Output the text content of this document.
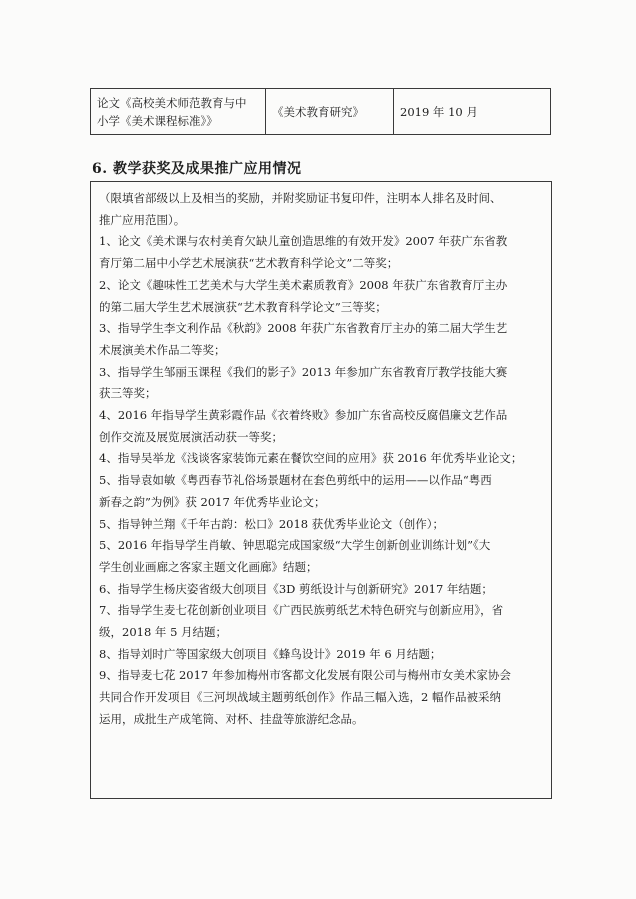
论文《高校美术师范教育与中
小学《美术课程标准》》
《美术教育研究》	2019 年 10 月
6. 教学获奖及成果推广应用情况

（限填省部级以上及相当的奖励，并附奖励证书复印件，注明本人排名及时间、

推广应用范围）。

1、论文《美术课与农村美育欠缺儿童创造思维的有效开发》2007 年获广东省教

育厅第二届中小学艺术展演获“艺术教育科学论文”二等奖；

2、论文《趣味性工艺美术与大学生美术素质教育》2008 年获广东省教育厅主办

的第二届大学生艺术展演获“艺术教育科学论文”三等奖；

3、指导学生李文利作品《秋韵》2008 年获广东省教育厅主办的第二届大学生艺

术展演美术作品二等奖；

3、指导学生邹丽玉课程《我们的影子》2013 年参加广东省教育厅教学技能大赛

获三等奖；

4、2016 年指导学生黄彩霞作品《衣着终败》参加广东省高校反腐倡廉文艺作品

创作交流及展览展演活动获一等奖；

4、指导吴举龙《浅谈客家装饰元素在餐饮空间的应用》获 2016 年优秀毕业论文；

5、指导袁如敏《粤西春节礼俗场景题材在套色剪纸中的运用——以作品“粤西

新春之韵”为例》获 2017 年优秀毕业论文；

5、指导钟兰翔《千年古韵：松口》2018 获优秀毕业论文（创作）；

5、2016 年指导学生肖敏、钟思聪完成国家级“大学生创新创业训练计划”《大

学生创业画廊之客家主题文化画廊》结题；

6、指导学生杨庆姿省级大创项目《3D 剪纸设计与创新研究》2017 年结题；

7、指导学生麦七花创新创业项目《广西民族剪纸艺术特色研究与创新应用》，省

级，2018 年 5 月结题；

8、指导刘时广等国家级大创项目《蜂鸟设计》2019 年 6 月结题；

9、指导麦七花 2017 年参加梅州市客都文化发展有限公司与梅州市女美术家协会

共同合作开发项目《三河坝战域主题剪纸创作》作品三幅入选，2 幅作品被采纳

运用，成批生产成笔筒、对杯、挂盘等旅游纪念品。
